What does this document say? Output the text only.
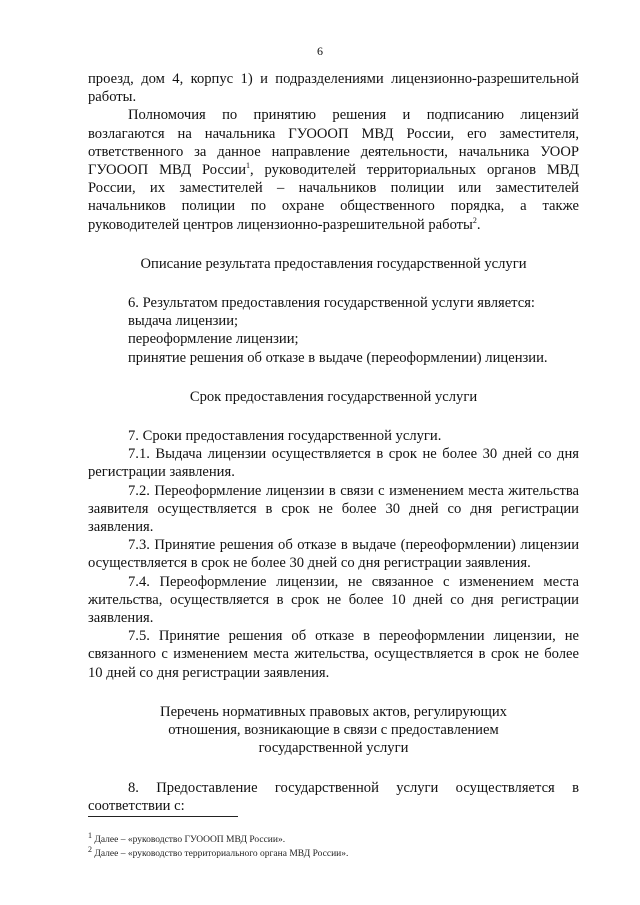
6

проезд, дом 4, корпус 1) и подразделениями лицензионно-разрешительной работы.

Полномочия по принятию решения и подписанию лицензий возлагаются на начальника ГУОООП МВД России, его заместителя, ответственного за данное направление деятельности, начальника УООР ГУОООП МВД России$^1$, руководителей территориальных органов МВД России, их заместителей – начальников полиции или заместителей начальников полиции по охране общественного порядка, а также руководителей центров лицензионно-разрешительной работы$^2$.

Описание результата предоставления государственной услуги

6. Результатом предоставления государственной услуги является:

выдача лицензии;

переоформление лицензии;

принятие решения об отказе в выдаче (переоформлении) лицензии.

Срок предоставления государственной услуги

7. Сроки предоставления государственной услуги.

7.1. Выдача лицензии осуществляется в срок не более 30 дней со дня регистрации заявления.

7.2. Переоформление лицензии в связи с изменением места жительства заявителя осуществляется в срок не более 30 дней со дня регистрации заявления.

7.3. Принятие решения об отказе в выдаче (переоформлении) лицензии осуществляется в срок не более 30 дней со дня регистрации заявления.

7.4. Переоформление лицензии, не связанное с изменением места жительства, осуществляется в срок не более 10 дней со дня регистрации заявления.

7.5. Принятие решения об отказе в переоформлении лицензии, не связанного с изменением места жительства, осуществляется в срок не более 10 дней со дня регистрации заявления.

Перечень нормативных правовых актов, регулирующих

отношения, возникающие в связи с предоставлением

государственной услуги

8. Предоставление государственной услуги осуществляется в соответствии с:

$^1$ Далее – «руководство ГУОООП МВД России».
$^2$ Далее – «руководство территориального органа МВД России».
